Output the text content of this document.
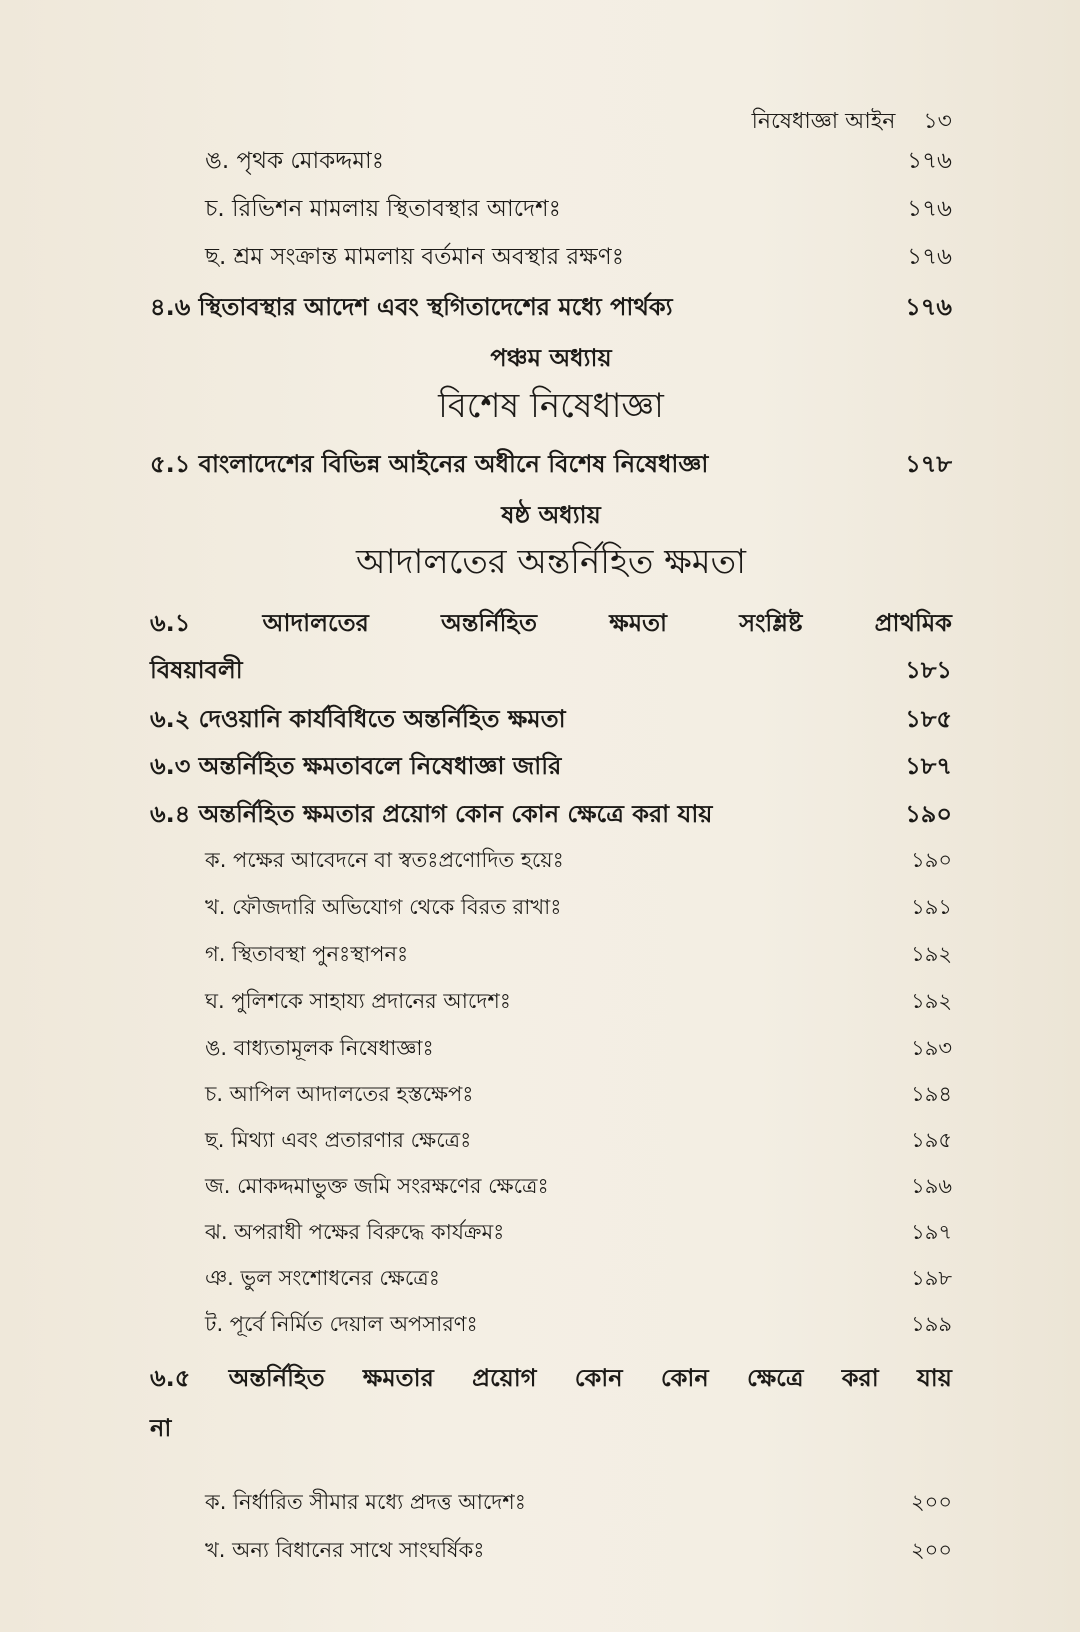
নিষেধাজ্ঞা আইন ১৩
ঙ. পৃথক মোকদ্দমাঃ	১৭৬
চ. রিভিশন মামলায় স্থিতাবস্থার আদেশঃ	১৭৬
ছ. শ্রম সংক্রান্ত মামলায় বর্তমান অবস্থার রক্ষণঃ	১৭৬
৪.৬ স্থিতাবস্থার আদেশ এবং স্থগিতাদেশের মধ্যে পার্থক্য	১৭৬
পঞ্চম অধ্যায়
বিশেষ নিষেধাজ্ঞা
৫.১ বাংলাদেশের বিভিন্ন আইনের অধীনে বিশেষ নিষেধাজ্ঞা	১৭৮
ষষ্ঠ অধ্যায়
আদালতের অন্তর্নিহিত ক্ষমতা
৬.১	আদালতের	অন্তর্নিহিত	ক্ষমতা	সংশ্লিষ্ট	প্রাথমিক
বিষয়াবলী	১৮১
৬.২ দেওয়ানি কার্যবিধিতে অন্তর্নিহিত ক্ষমতা	১৮৫
৬.৩ অন্তর্নিহিত ক্ষমতাবলে নিষেধাজ্ঞা জারি	১৮৭
৬.৪ অন্তর্নিহিত ক্ষমতার প্রয়োগ কোন কোন ক্ষেত্রে করা যায়	১৯০
ক. পক্ষের আবেদনে বা স্বতঃপ্রণোদিত হয়েঃ	১৯০
খ. ফৌজদারি অভিযোগ থেকে বিরত রাখাঃ	১৯১
গ. স্থিতাবস্থা পুনঃস্থাপনঃ	১৯২
ঘ. পুলিশকে সাহায্য প্রদানের আদেশঃ	১৯২
ঙ. বাধ্যতামূলক নিষেধাজ্ঞাঃ	১৯৩
চ. আপিল আদালতের হস্তক্ষেপঃ	১৯৪
ছ. মিথ্যা এবং প্রতারণার ক্ষেত্রেঃ	১৯৫
জ. মোকদ্দমাভুক্ত জমি সংরক্ষণের ক্ষেত্রেঃ	১৯৬
ঝ. অপরাধী পক্ষের বিরুদ্ধে কার্যক্রমঃ	১৯৭
ঞ. ভুল সংশোধনের ক্ষেত্রেঃ	১৯৮
ট. পূর্বে নির্মিত দেয়াল অপসারণঃ	১৯৯
৬.৫ অন্তর্নিহিত ক্ষমতার প্রয়োগ কোন কোন ক্ষেত্রে করা যায়
না
ক. নির্ধারিত সীমার মধ্যে প্রদত্ত আদেশঃ	২০০
খ. অন্য বিধানের সাথে সাংঘর্ষিকঃ	২০০
